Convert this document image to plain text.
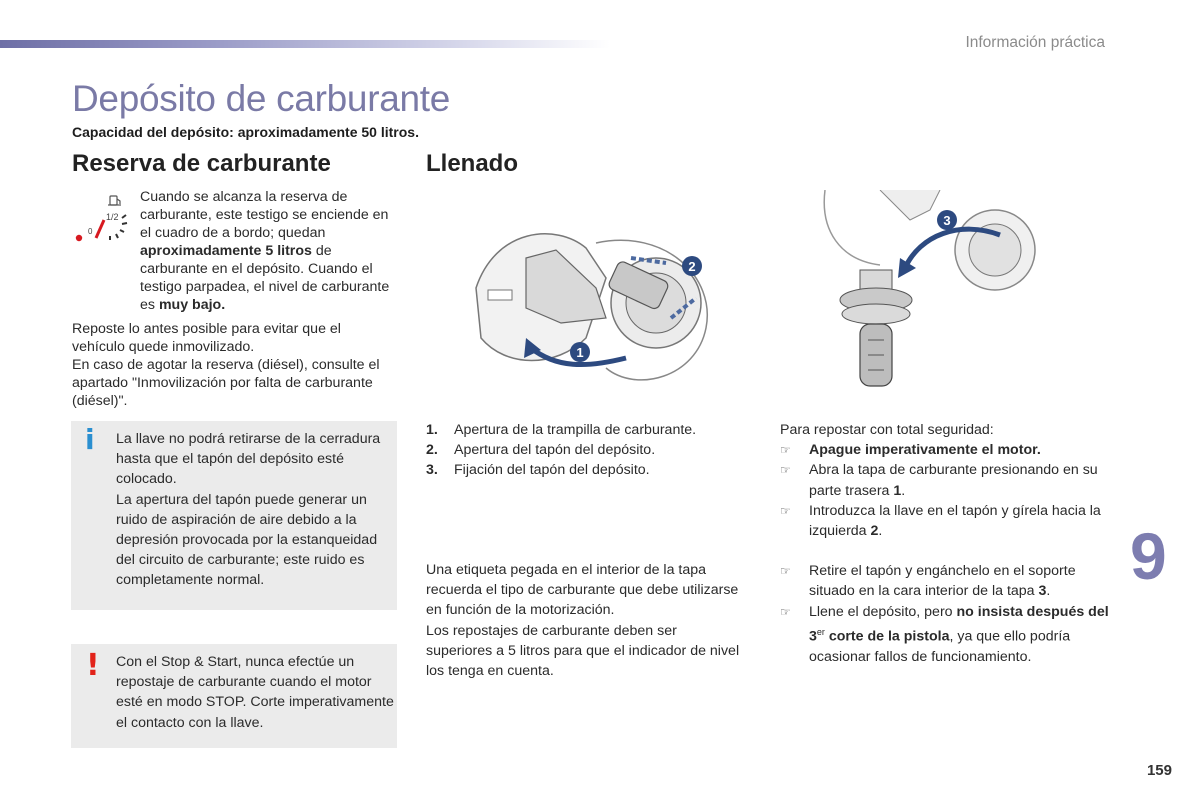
Información práctica
Depósito de carburante
Capacidad del depósito: aproximadamente 50 litros.
Reserva de carburante	Llenado
1/2
0
Cuando se alcanza la reserva de carburante, este testigo se enciende en el cuadro de a bordo; quedan aproximadamente 5 litros de carburante en el depósito. Cuando el testigo parpadea, el nivel de carburante es muy bajo.

Reposte lo antes posible para evitar que el vehículo quede inmovilizado.

En caso de agotar la reserva (diésel), consulte el apartado "Inmovilización por falta de carburante (diésel)".

i La llave no podrá retirarse de la cerradura hasta que el tapón del depósito esté colocado.

La apertura del tapón puede generar un ruido de aspiración de aire debido a la depresión provocada por la estanqueidad del circuito de carburante; este ruido es completamente normal.

! Con el Stop & Start, nunca efectúe un repostaje de carburante cuando el motor esté en modo STOP. Corte imperativamente el contacto con la llave.

1
2
3
1. Apertura de la trampilla de carburante.
2. Apertura del tapón del depósito.
3. Fijación del tapón del depósito.

Una etiqueta pegada en el interior de la tapa recuerda el tipo de carburante que debe utilizarse en función de la motorización.

Los repostajes de carburante deben ser superiores a 5 litros para que el indicador de nivel los tenga en cuenta.

Para repostar con total seguridad:

☞ Apague imperativamente el motor.
☞ Abra la tapa de carburante presionando en su parte trasera 1.
☞ Introduzca la llave en el tapón y gírela hacia la izquierda 2.
☞ Retire el tapón y engánchelo en el soporte situado en la cara interior de la tapa 3.
☞ Llene el depósito, pero no insista después del 3er corte de la pistola, ya que ello podría ocasionar fallos de funcionamiento.
9
159
